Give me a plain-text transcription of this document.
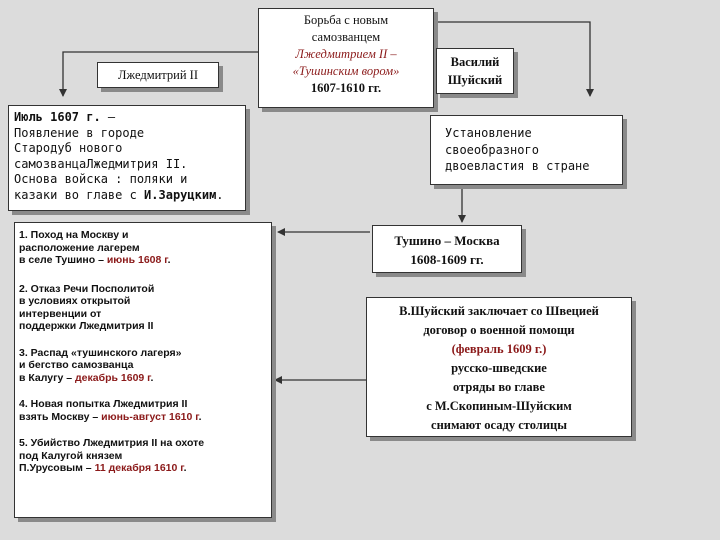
Борьба с новым
самозванцем
Лжедмитрием II –
«Тушинским вором»
1607-1610 гг.
Лжедмитрий II
Василий
Шуйский
Июль 1607 г. –
Появление в городе
Стародуб нового
самозванцаЛжедмитрия II.
Основа войска : поляки и
казаки во главе с И.Заруцким.
Установление
своеобразного
двоевластия в стране
1. Поход на Москву и
расположение лагерем
в селе Тушино – июнь 1608 г.
2. Отказ Речи Посполитой
в условиях открытой
интервенции от
поддержки Лжедмитрия II
3. Распад «тушинского лагеря»
и бегство самозванца
в Калугу – декабрь 1609 г.
4. Новая попытка Лжедмитрия II
взять Москву – июнь-август 1610 г.
5. Убийство Лжедмитрия II на охоте
под Калугой князем
П.Урусовым – 11 декабря 1610 г.
Тушино – Москва
1608-1609 гг.
В.Шуйский заключает со Швецией
договор о военной помощи
(февраль 1609 г.)
русско-шведские
отряды во главе
с М.Скопиным-Шуйским
снимают осаду столицы
